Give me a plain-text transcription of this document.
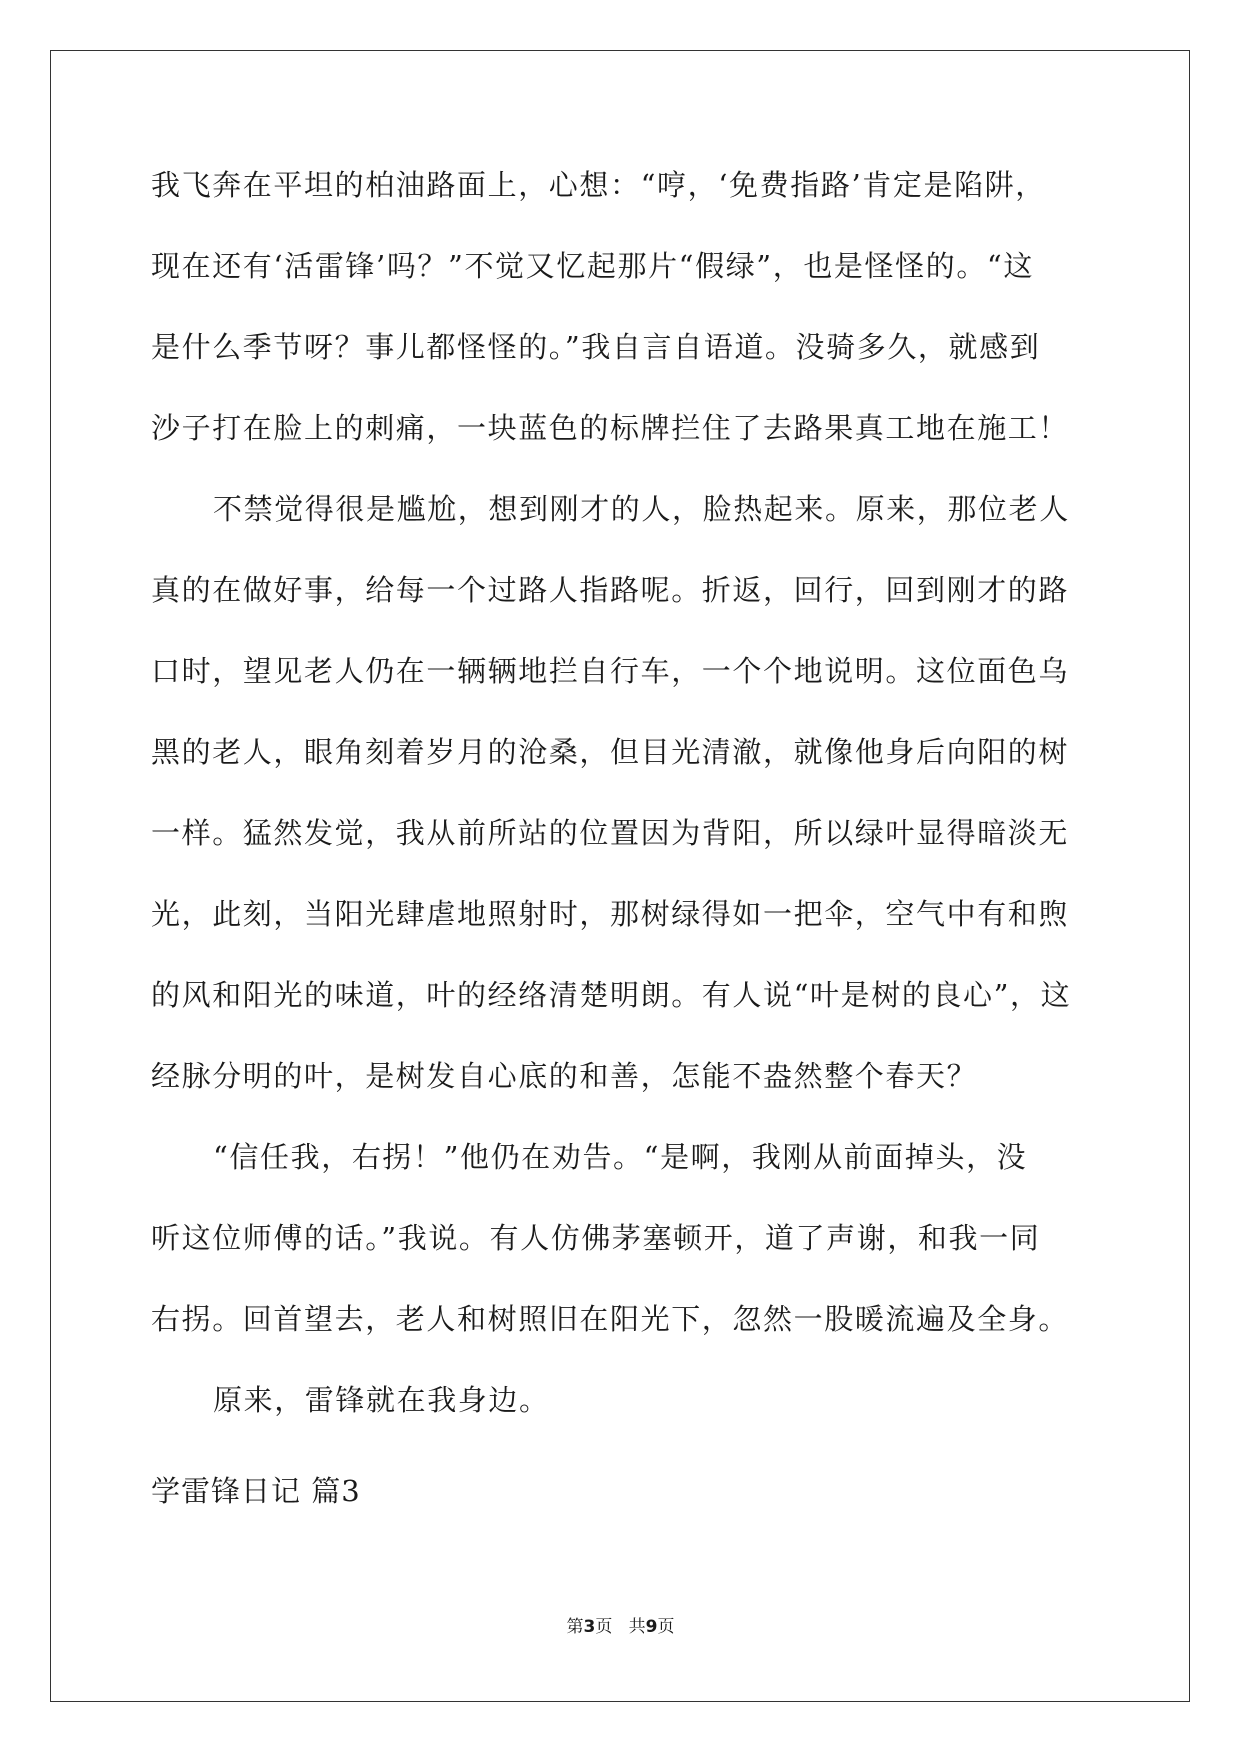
我飞奔在平坦的柏油路面上，心想：“哼，‘免费指路’肯定是陷阱，
现在还有‘活雷锋’吗？”不觉又忆起那片“假绿”，也是怪怪的。“这
是什么季节呀？事儿都怪怪的。”我自言自语道。没骑多久，就感到
沙子打在脸上的刺痛，一块蓝色的标牌拦住了去路果真工地在施工！
不禁觉得很是尴尬，想到刚才的人，脸热起来。原来，那位老人
真的在做好事，给每一个过路人指路呢。折返，回行，回到刚才的路
口时，望见老人仍在一辆辆地拦自行车，一个个地说明。这位面色乌
黑的老人，眼角刻着岁月的沧桑，但目光清澈，就像他身后向阳的树
一样。猛然发觉，我从前所站的位置因为背阳，所以绿叶显得暗淡无
光，此刻，当阳光肆虐地照射时，那树绿得如一把伞，空气中有和煦
的风和阳光的味道，叶的经络清楚明朗。有人说“叶是树的良心”，这
经脉分明的叶，是树发自心底的和善，怎能不盎然整个春天？
“信任我，右拐！”他仍在劝告。“是啊，我刚从前面掉头，没
听这位师傅的话。”我说。有人仿佛茅塞顿开，道了声谢，和我一同
右拐。回首望去，老人和树照旧在阳光下，忽然一股暖流遍及全身。
原来，雷锋就在我身边。
学雷锋日记 篇3
第3页   共9页
